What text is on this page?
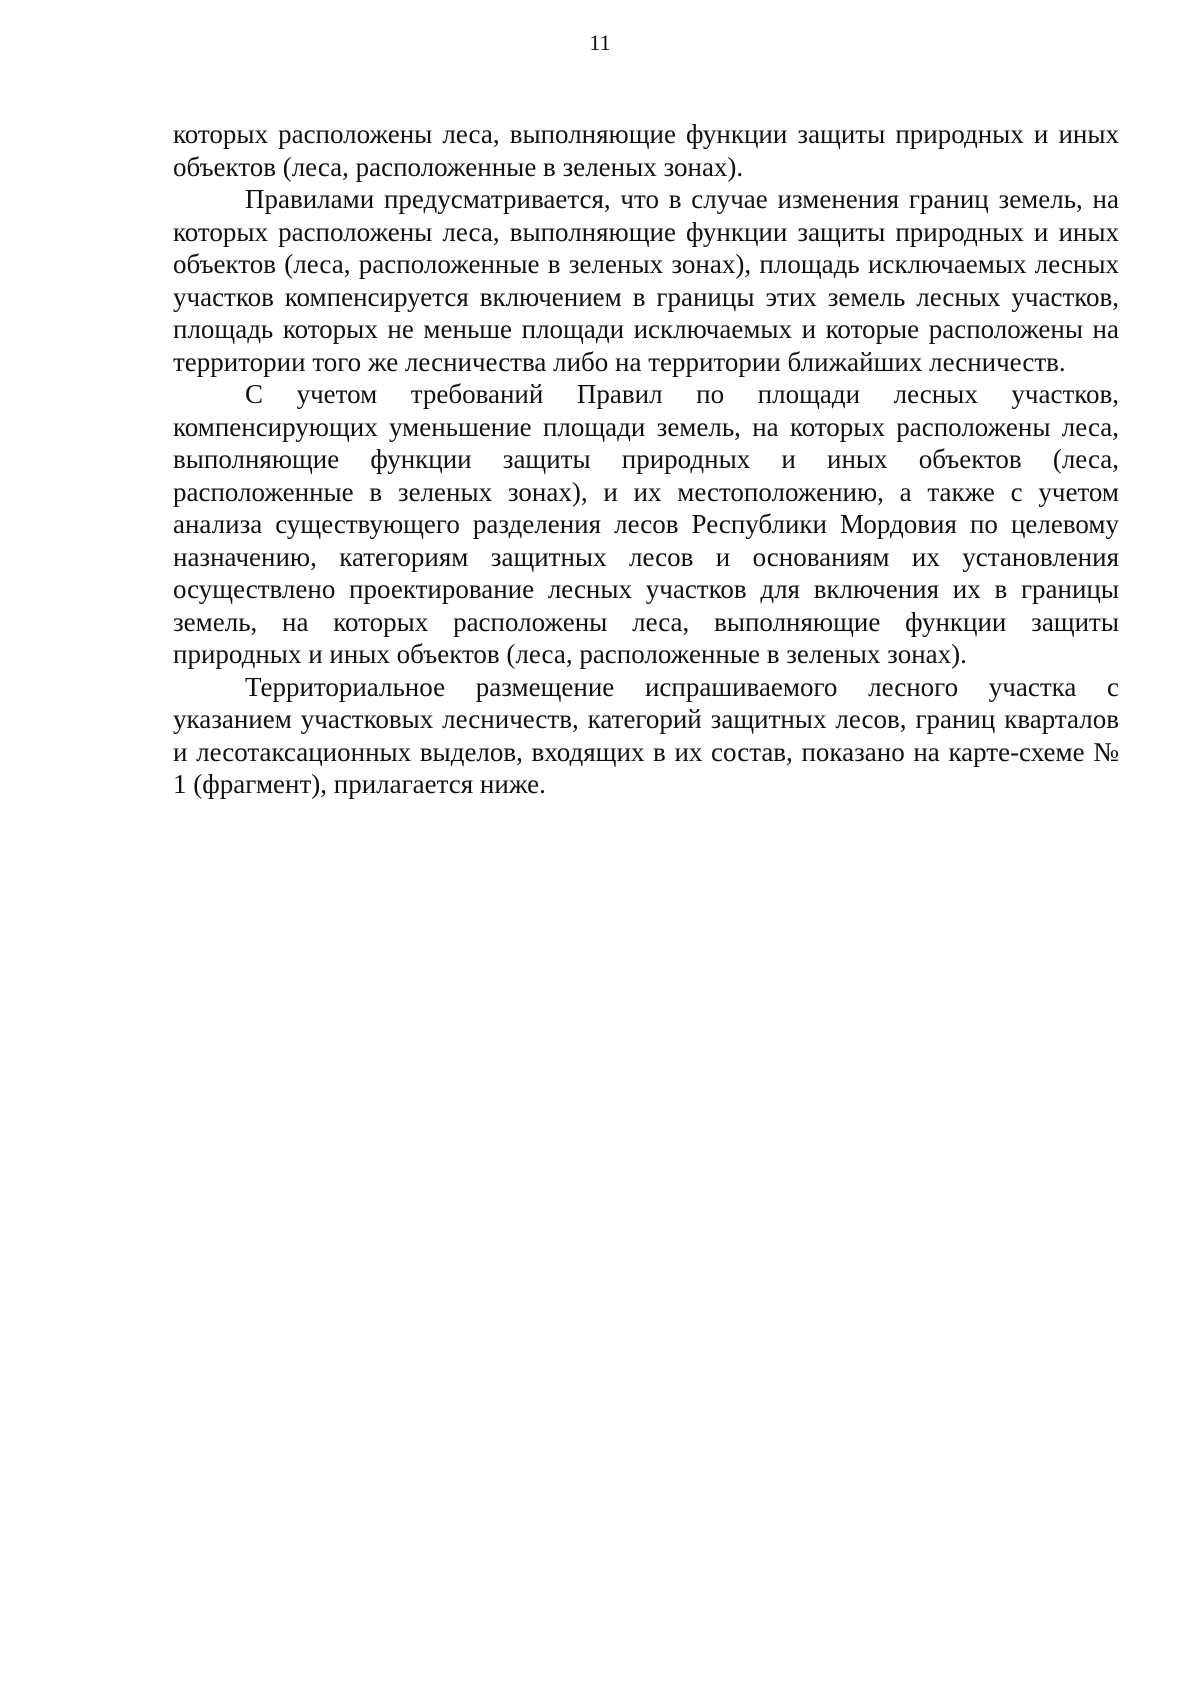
11

которых расположены леса, выполняющие функции защиты природных и иных объектов (леса, расположенные в зеленых зонах).

Правилами предусматривается, что в случае изменения границ земель, на которых расположены леса, выполняющие функции защиты природных и иных объектов (леса, расположенные в зеленых зонах), площадь исключаемых лесных участков компенсируется включением в границы этих земель лесных участков, площадь которых не меньше площади исключаемых и которые расположены на территории того же лесничества либо на территории ближайших лесничеств.

С учетом требований Правил по площади лесных участков, компенсирующих уменьшение площади земель, на которых расположены леса, выполняющие функции защиты природных и иных объектов (леса, расположенные в зеленых зонах), и их местоположению, а также с учетом анализа существующего разделения лесов Республики Мордовия по целевому назначению, категориям защитных лесов и основаниям их установления осуществлено проектирование лесных участков для включения их в границы земель, на которых расположены леса, выполняющие функции защиты природных и иных объектов (леса, расположенные в зеленых зонах).

Территориальное размещение испрашиваемого лесного участка с указанием участковых лесничеств, категорий защитных лесов, границ кварталов и лесотаксационных выделов, входящих в их состав, показано на карте-схеме № 1 (фрагмент), прилагается ниже.
